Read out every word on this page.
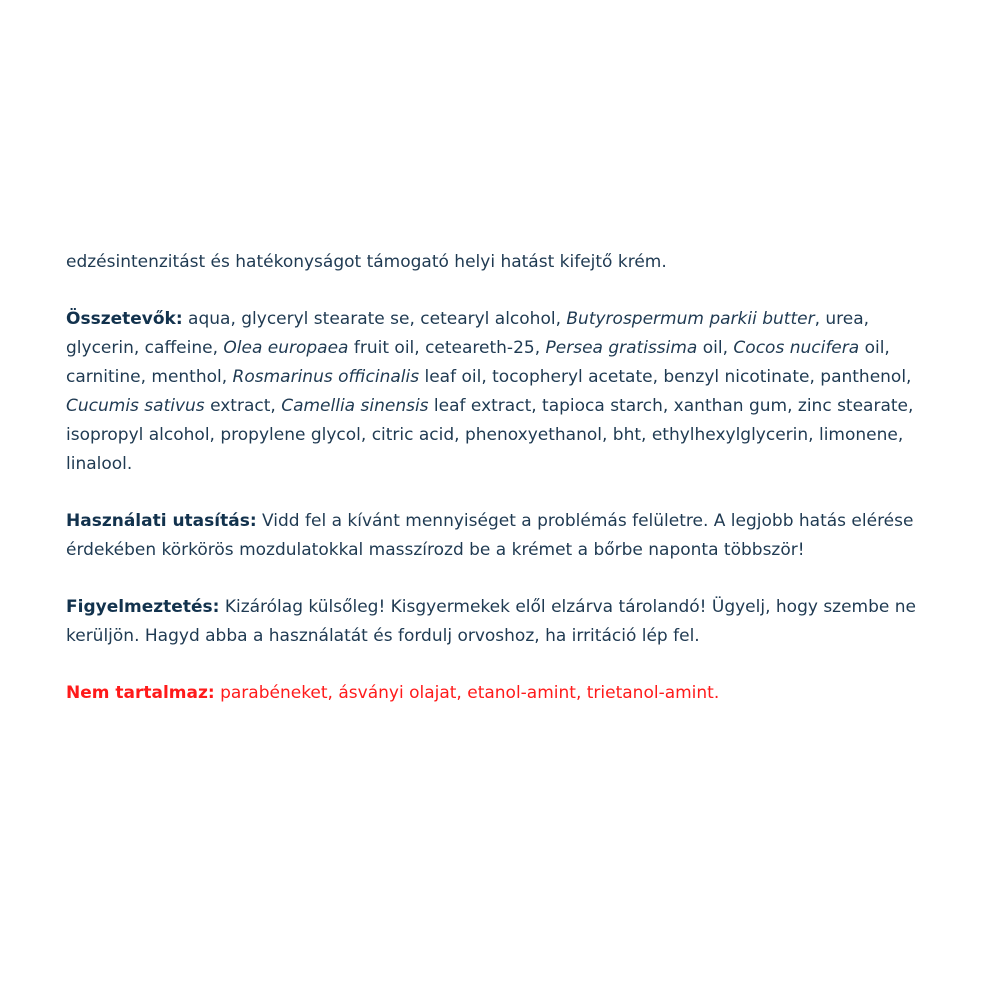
edzésintenzitást és hatékonyságot támogató helyi hatást kifejtő krém.

Összetevők: aqua, glyceryl stearate se, cetearyl alcohol, Butyrospermum parkii butter, urea, glycerin, caffeine, Olea europaea fruit oil, ceteareth-25, Persea gratissima oil, Cocos nucifera oil, carnitine, menthol, Rosmarinus officinalis leaf oil, tocopheryl acetate, benzyl nicotinate, panthenol, Cucumis sativus extract, Camellia sinensis leaf extract, tapioca starch, xanthan gum, zinc stearate, isopropyl alcohol, propylene glycol, citric acid, phenoxyethanol, bht, ethylhexylglycerin, limonene, linalool.

Használati utasítás: Vidd fel a kívánt mennyiséget a problémás felületre. A legjobb hatás elérése érdekében körkörös mozdulatokkal masszírozd be a krémet a bőrbe naponta többször!

Figyelmeztetés: Kizárólag külsőleg! Kisgyermekek elől elzárva tárolandó! Ügyelj, hogy szembe ne kerüljön. Hagyd abba a használatát és fordulj orvoshoz, ha irritáció lép fel.

Nem tartalmaz: parabéneket, ásványi olajat, etanol-amint, trietanol-amint.
